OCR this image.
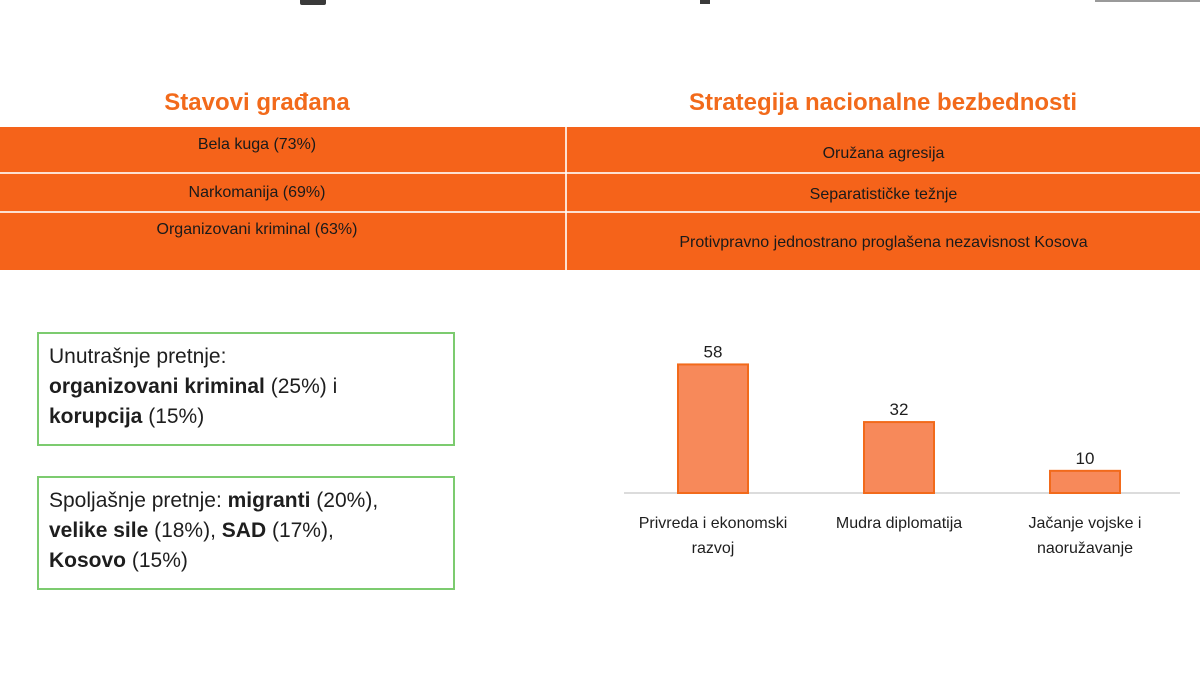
Stavovi građana	Strategija nacionalne bezbednosti
Bela kuga (73%)
Oružana agresija
Narkomanija (69%)	Separatističke težnje
Organizovani kriminal (63%)
Protivpravno jednostrano proglašena nezavisnost Kosova
Unutrašnje pretnje:
organizovani kriminal (25%) i
korupcija (15%)
Spoljašnje pretnje: migranti (20%),
velike sile (18%), SAD (17%),
Kosovo (15%)
58
Privreda i ekonomski razvoj
32
Mudra diplomatija
10
Jačanje vojske i naoružavanje
